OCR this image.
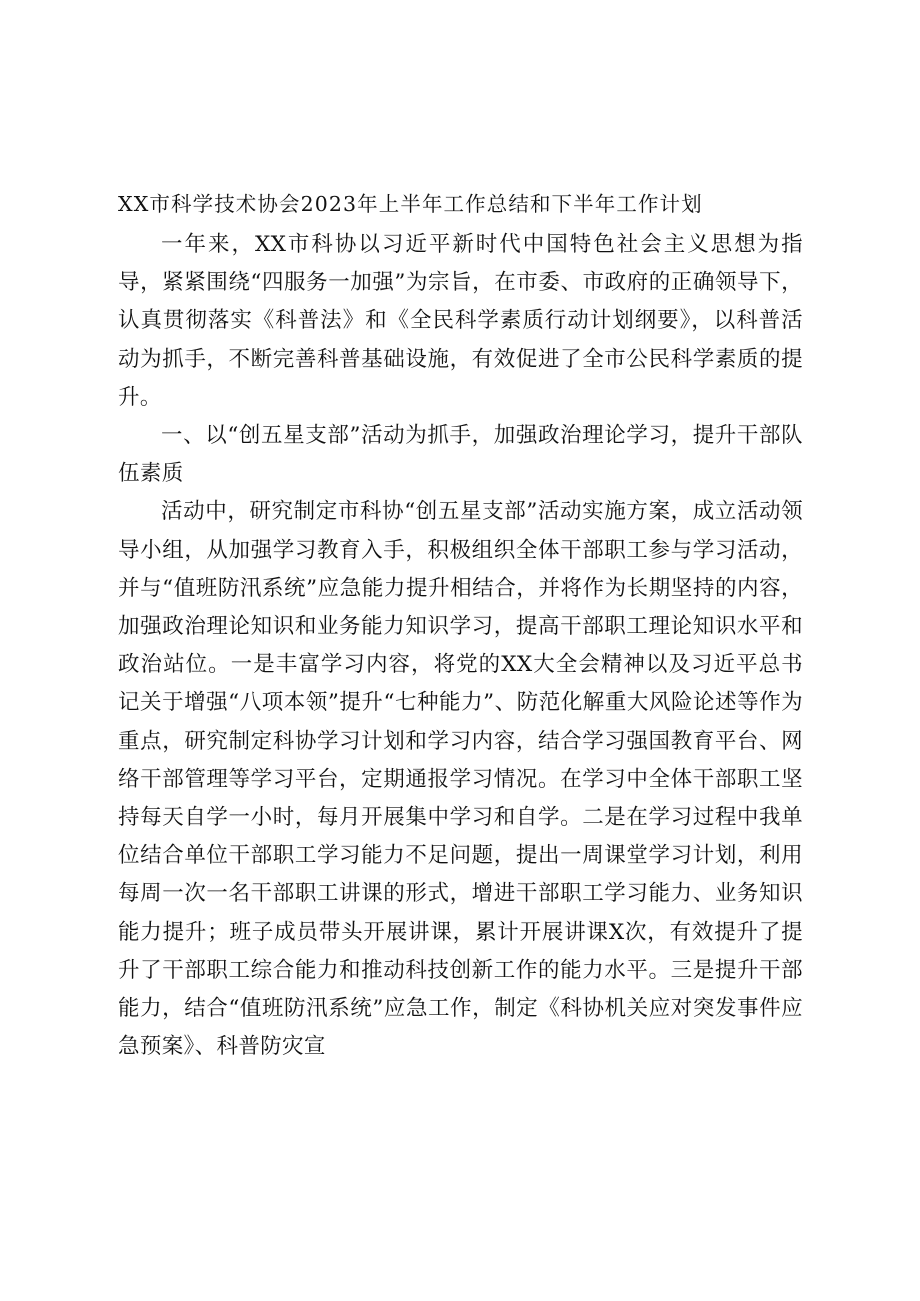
XX市科学技术协会2023年上半年工作总结和下半年工作计划

一年来，XX市科协以习近平新时代中国特色社会主义思想为指导，紧紧围绕“四服务一加强”为宗旨，在市委、市政府的正确领导下，认真贯彻落实《科普法》和《全民科学素质行动计划纲要》，以科普活动为抓手，不断完善科普基础设施，有效促进了全市公民科学素质的提升。

一、以“创五星支部”活动为抓手，加强政治理论学习，提升干部队伍素质

活动中，研究制定市科协“创五星支部”活动实施方案，成立活动领导小组，从加强学习教育入手，积极组织全体干部职工参与学习活动，并与“值班防汛系统”应急能力提升相结合，并将作为长期坚持的内容，加强政治理论知识和业务能力知识学习，提高干部职工理论知识水平和政治站位。一是丰富学习内容，将党的XX大全会精神以及习近平总书记关于增强“八项本领”提升“七种能力”、防范化解重大风险论述等作为重点，研究制定科协学习计划和学习内容，结合学习强国教育平台、网络干部管理等学习平台，定期通报学习情况。在学习中全体干部职工坚持每天自学一小时，每月开展集中学习和自学。二是在学习过程中我单位结合单位干部职工学习能力不足问题，提出一周课堂学习计划，利用每周一次一名干部职工讲课的形式，增进干部职工学习能力、业务知识能力提升；班子成员带头开展讲课，累计开展讲课X次，有效提升了提升了干部职工综合能力和推动科技创新工作的能力水平。三是提升干部能力，结合“值班防汛系统”应急工作，制定《科协机关应对突发事件应急预案》、科普防灾宣
